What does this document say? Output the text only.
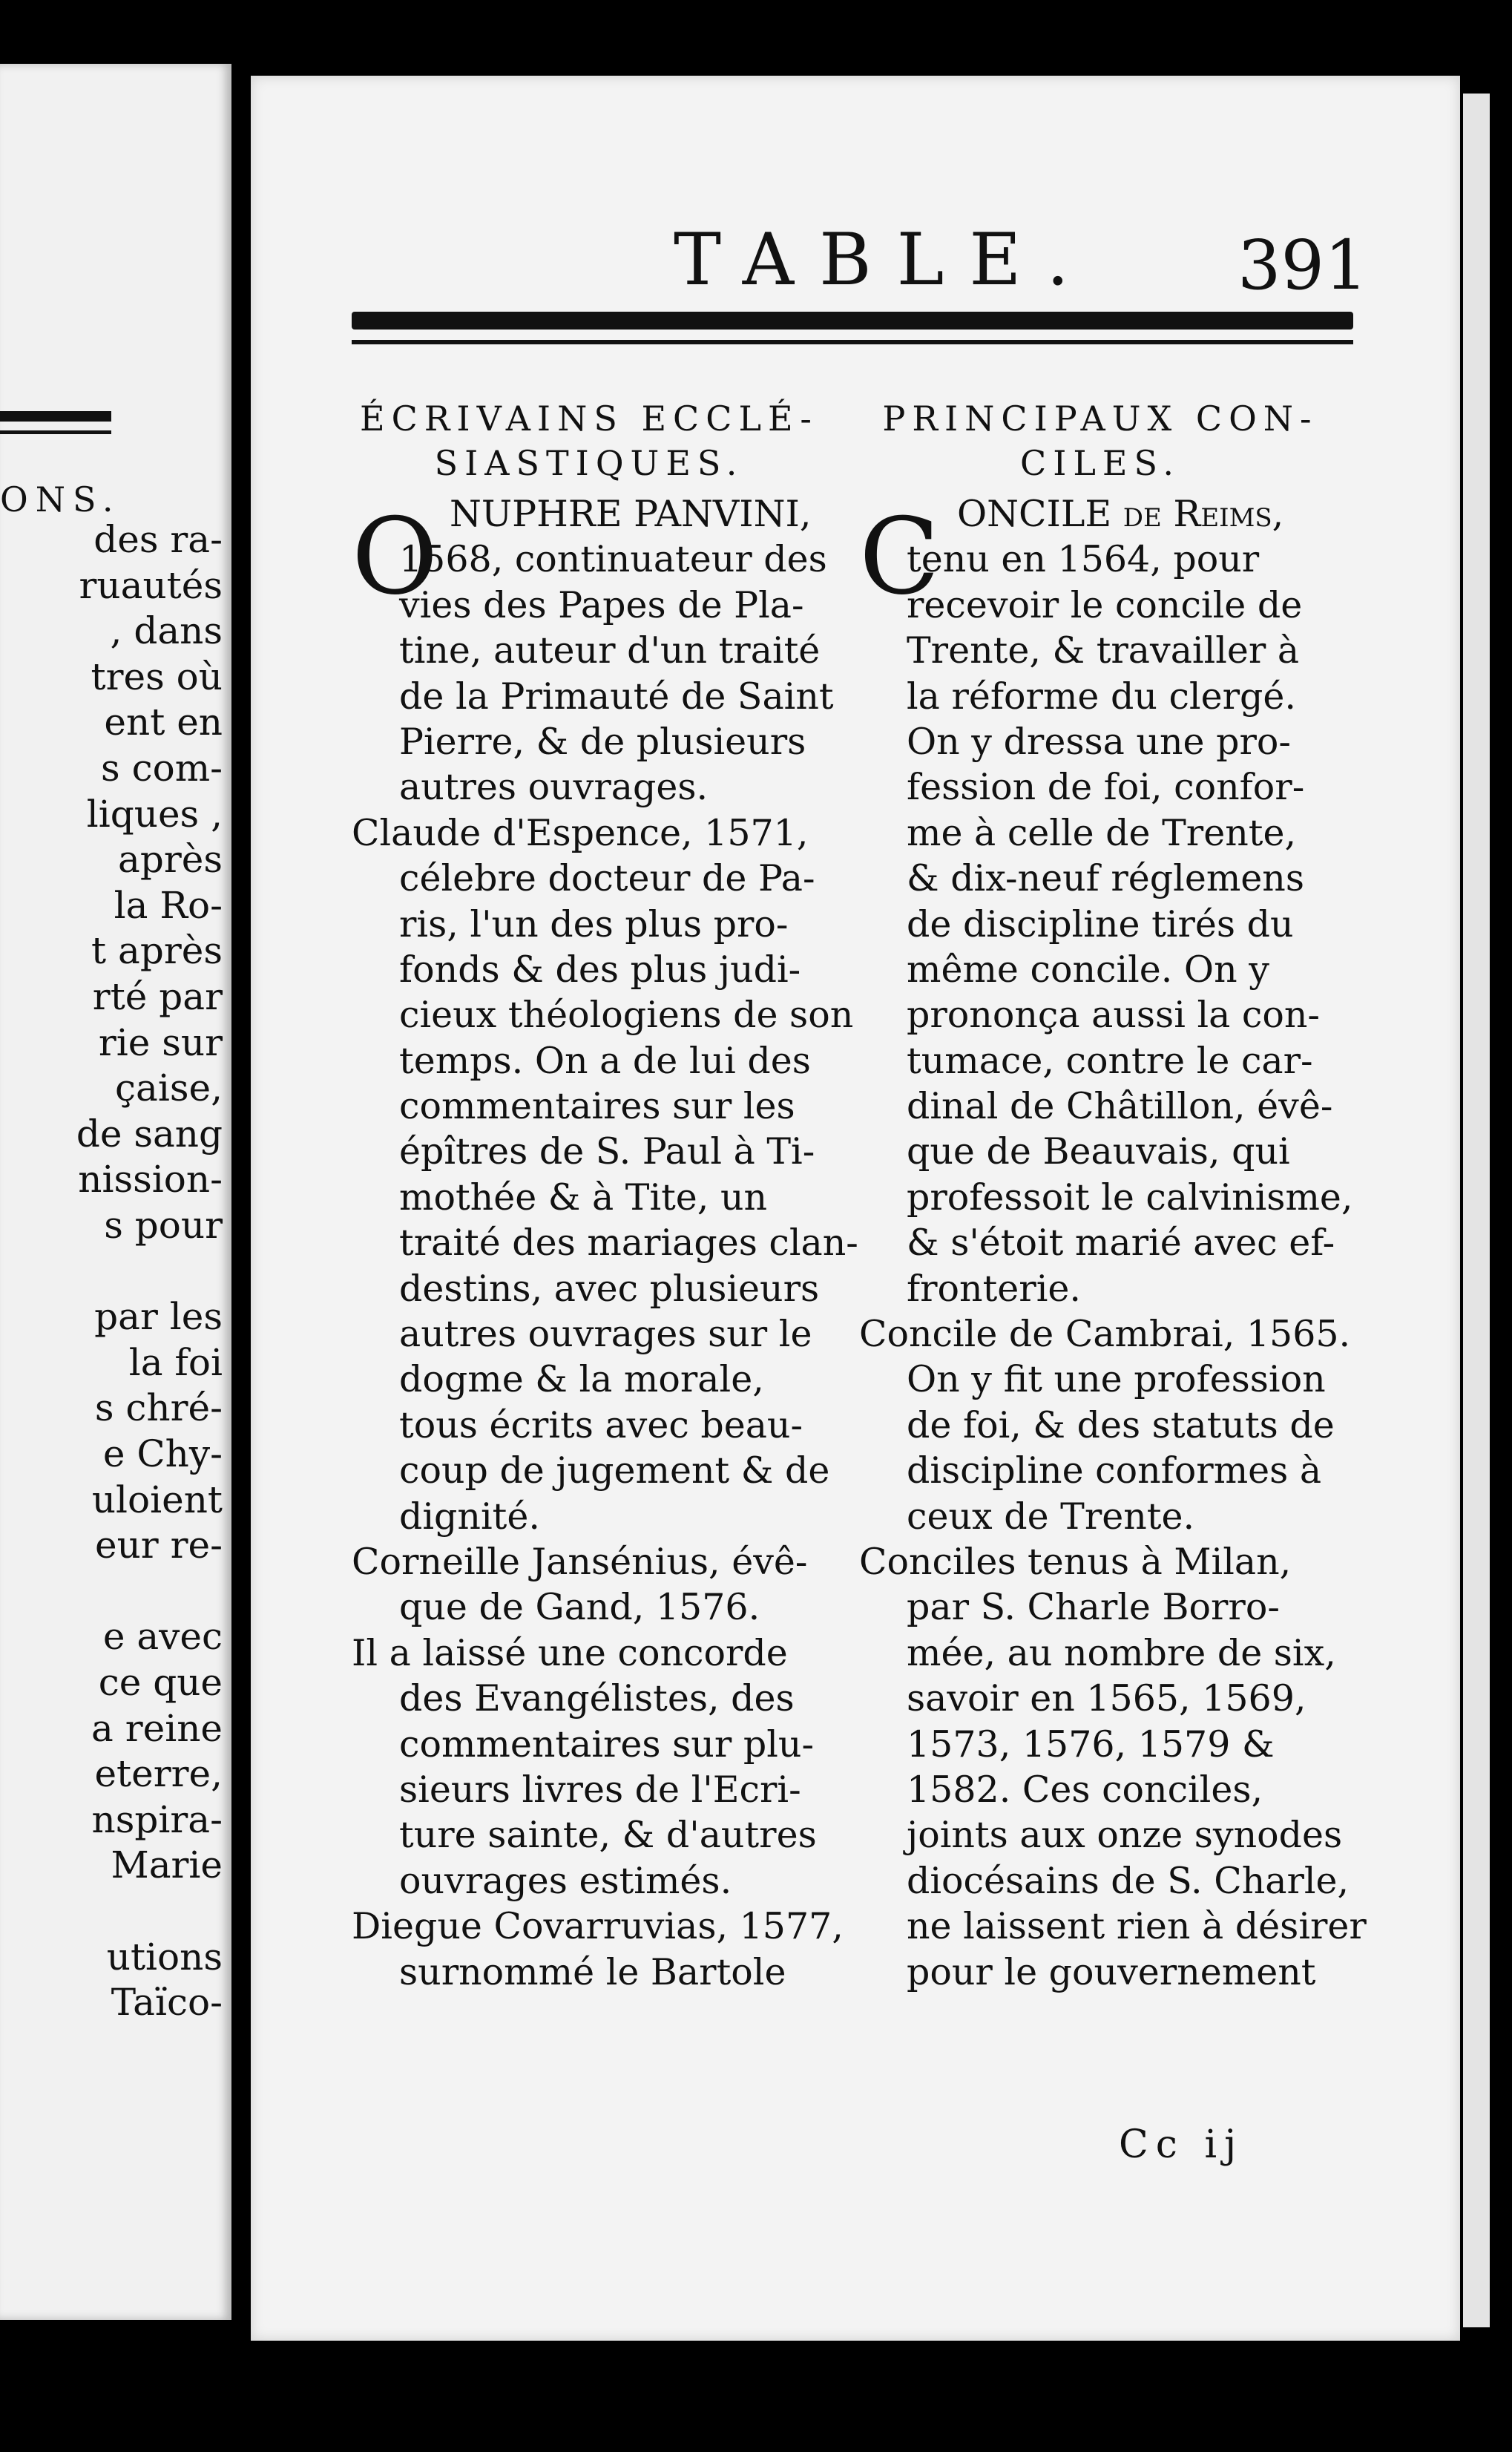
ONS.
des ra-
ruautés
, dans
tres où
ent en
s com-
liques ,
après
la Ro-
t après
rté par
rie sur
çaise,
de sang
nission-
s pour
par les
la foi
s chré-
e Chy-
uloient
eur re-
e avec
ce que
a reine
eterre,
nspira-
Marie
utions
Taïco-
TABLE. 391
ÉCRIVAINS ECCLÉ-
SIASTIQUES.
O NUPHRE PANVINI,
1568, continuateur des
vies des Papes de Pla-
tine, auteur d'un traité
de la Primauté de Saint
Pierre, & de plusieurs
autres ouvrages.
Claude d'Espence, 1571,
célebre docteur de Pa-
ris, l'un des plus pro-
fonds & des plus judi-
cieux théologiens de son
temps. On a de lui des
commentaires sur les
épîtres de S. Paul à Ti-
mothée & à Tite, un
traité des mariages clan-
destins, avec plusieurs
autres ouvrages sur le
dogme & la morale,
tous écrits avec beau-
coup de jugement & de
dignité.
Corneille Jansénius, évê-
que de Gand, 1576.
Il a laissé une concorde
des Evangélistes, des
commentaires sur plu-
sieurs livres de l'Ecri-
ture sainte, & d'autres
ouvrages estimés.
Diegue Covarruvias, 1577,
surnommé le Bartole
PRINCIPAUX CON-
CILES.
C ONCILE de Reims,
tenu en 1564, pour
recevoir le concile de
Trente, & travailler à
la réforme du clergé.
On y dressa une pro-
fession de foi, confor-
me à celle de Trente,
& dix-neuf réglemens
de discipline tirés du
même concile. On y
prononça aussi la con-
tumace, contre le car-
dinal de Châtillon, évê-
que de Beauvais, qui
professoit le calvinisme,
& s'étoit marié avec ef-
fronterie.
Concile de Cambrai, 1565.
On y fit une profession
de foi, & des statuts de
discipline conformes à
ceux de Trente.
Conciles tenus à Milan,
par S. Charle Borro-
mée, au nombre de six,
savoir en 1565, 1569,
1573, 1576, 1579 &
1582. Ces conciles,
joints aux onze synodes
diocésains de S. Charle,
ne laissent rien à désirer
pour le gouvernement
Cc ij
